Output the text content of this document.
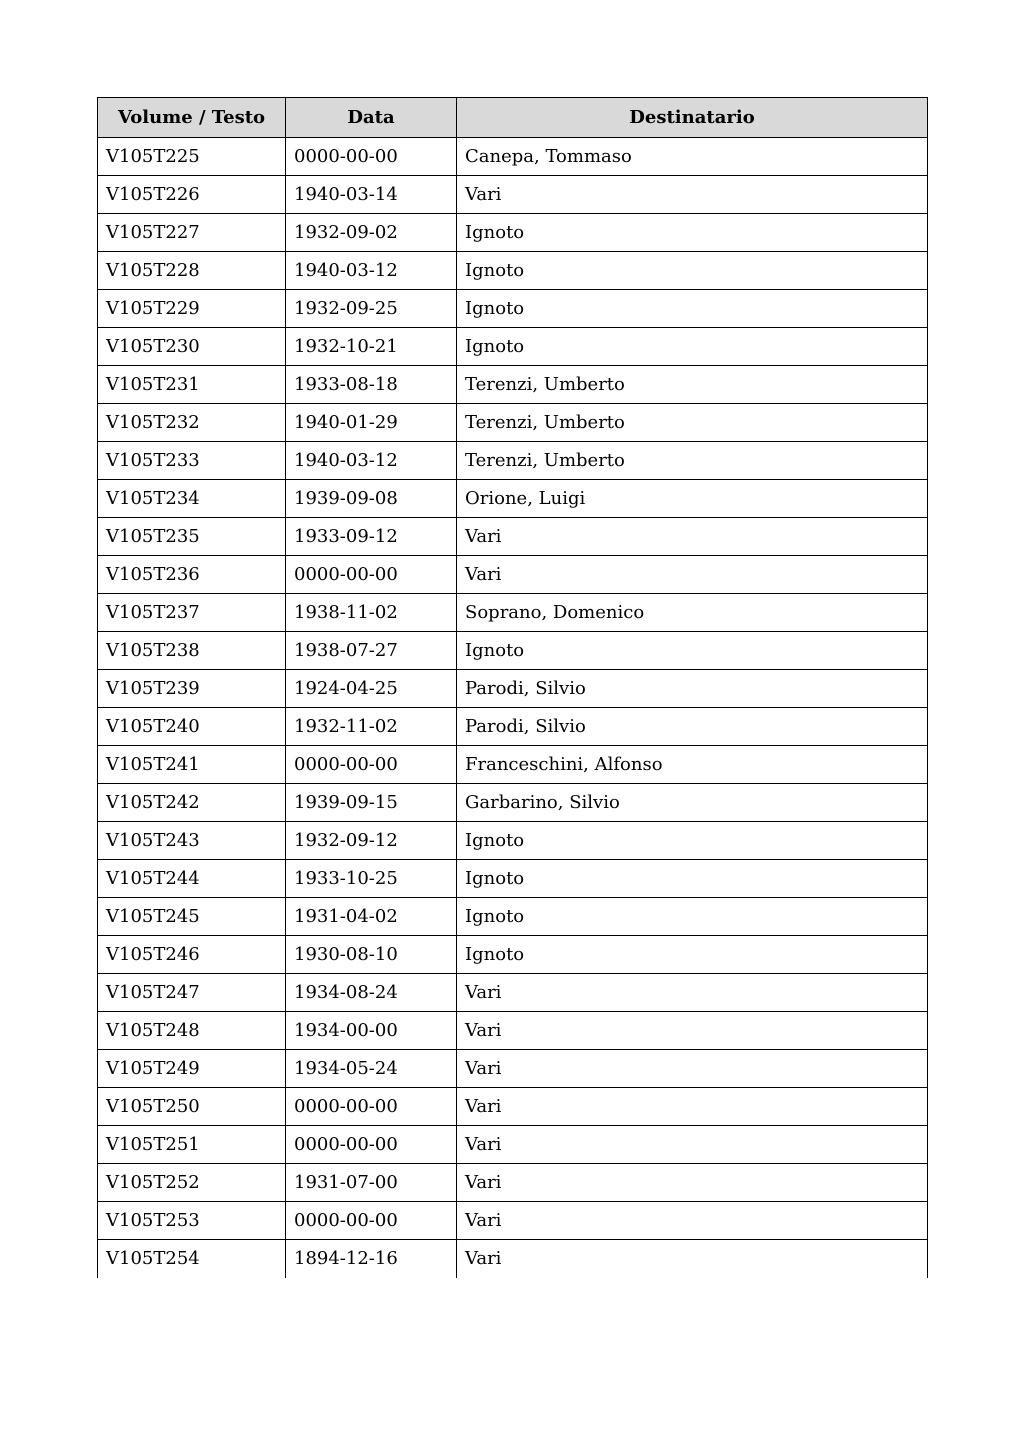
Volume / Testo	Data	Destinatario
V105T225	0000-00-00	Canepa, Tommaso
V105T226	1940-03-14	Vari
V105T227	1932-09-02	Ignoto
V105T228	1940-03-12	Ignoto
V105T229	1932-09-25	Ignoto
V105T230	1932-10-21	Ignoto
V105T231	1933-08-18	Terenzi, Umberto
V105T232	1940-01-29	Terenzi, Umberto
V105T233	1940-03-12	Terenzi, Umberto
V105T234	1939-09-08	Orione, Luigi
V105T235	1933-09-12	Vari
V105T236	0000-00-00	Vari
V105T237	1938-11-02	Soprano, Domenico
V105T238	1938-07-27	Ignoto
V105T239	1924-04-25	Parodi, Silvio
V105T240	1932-11-02	Parodi, Silvio
V105T241	0000-00-00	Franceschini, Alfonso
V105T242	1939-09-15	Garbarino, Silvio
V105T243	1932-09-12	Ignoto
V105T244	1933-10-25	Ignoto
V105T245	1931-04-02	Ignoto
V105T246	1930-08-10	Ignoto
V105T247	1934-08-24	Vari
V105T248	1934-00-00	Vari
V105T249	1934-05-24	Vari
V105T250	0000-00-00	Vari
V105T251	0000-00-00	Vari
V105T252	1931-07-00	Vari
V105T253	0000-00-00	Vari
V105T254	1894-12-16	Vari
